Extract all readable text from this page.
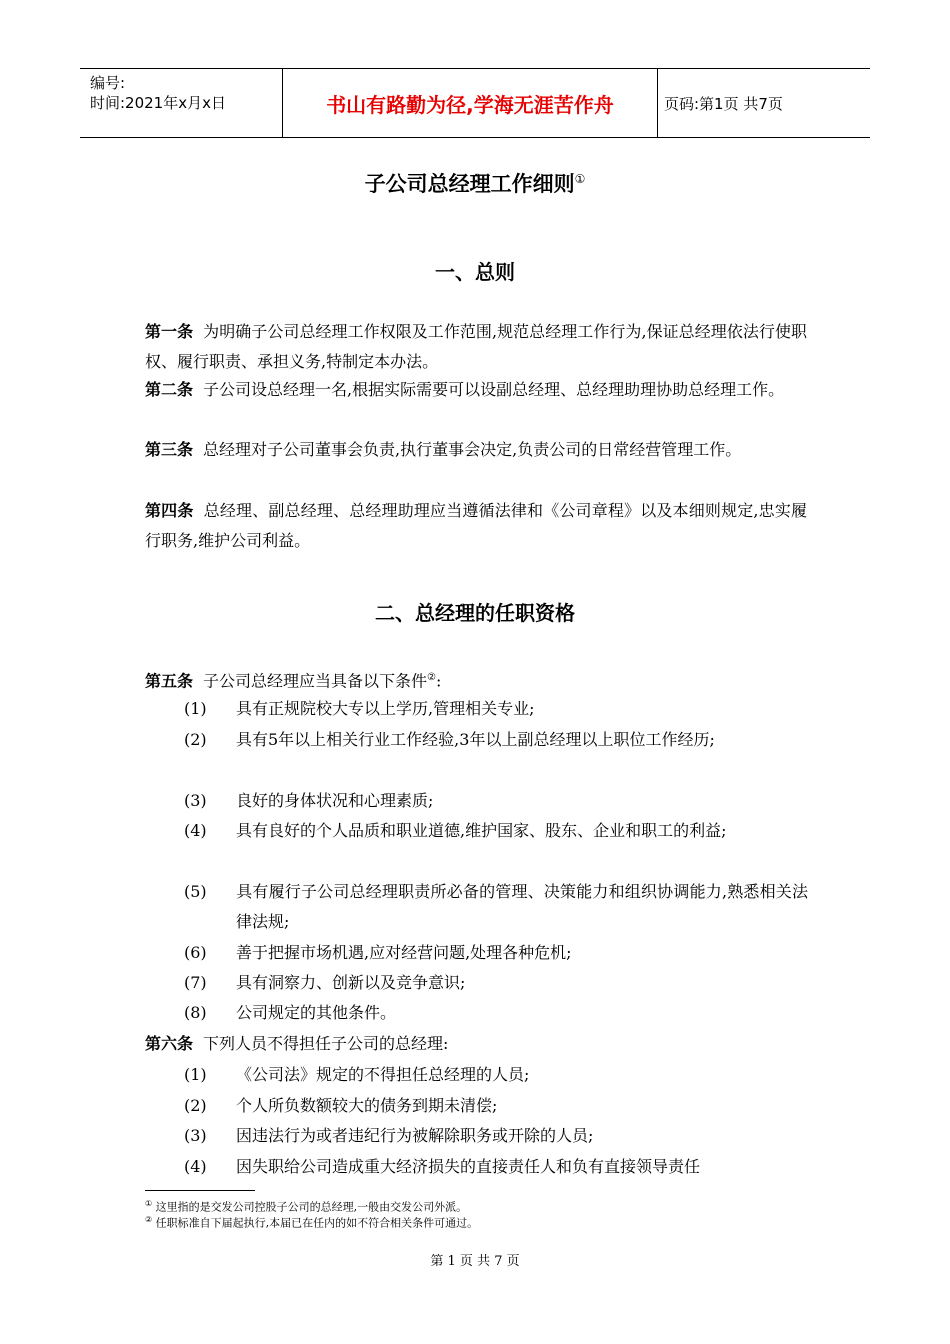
编号:
时间:2021年x月x日	书山有路勤为径,学海无涯苦作舟	页码:第1页 共7页
子公司总经理工作细则①
一、总则
第一条 为明确子公司总经理工作权限及工作范围,规范总经理工作行为,保证总经理依法行使职权、履行职责、承担义务,特制定本办法。
第二条 子公司设总经理一名,根据实际需要可以设副总经理、总经理助理协助总经理工作。
第三条 总经理对子公司董事会负责,执行董事会决定,负责公司的日常经营管理工作。
第四条 总经理、副总经理、总经理助理应当遵循法律和《公司章程》以及本细则规定,忠实履行职务,维护公司利益。
二、总经理的任职资格
第五条 子公司总经理应当具备以下条件②:
(1) 具有正规院校大专以上学历,管理相关专业;
(2) 具有5年以上相关行业工作经验,3年以上副总经理以上职位工作经历;
(3) 良好的身体状况和心理素质;
(4) 具有良好的个人品质和职业道德,维护国家、股东、企业和职工的利益;
(5) 具有履行子公司总经理职责所必备的管理、决策能力和组织协调能力,熟悉相关法律法规;
(6) 善于把握市场机遇,应对经营问题,处理各种危机;
(7) 具有洞察力、创新以及竞争意识;
(8) 公司规定的其他条件。
第六条 下列人员不得担任子公司的总经理:
(1) 《公司法》规定的不得担任总经理的人员;
(2) 个人所负数额较大的债务到期未清偿;
(3) 因违法行为或者违纪行为被解除职务或开除的人员;
(4) 因失职给公司造成重大经济损失的直接责任人和负有直接领导责任
① 这里指的是交发公司控股子公司的总经理,一般由交发公司外派。
② 任职标准自下届起执行,本届已在任内的如不符合相关条件可通过。
第 1 页 共 7 页
